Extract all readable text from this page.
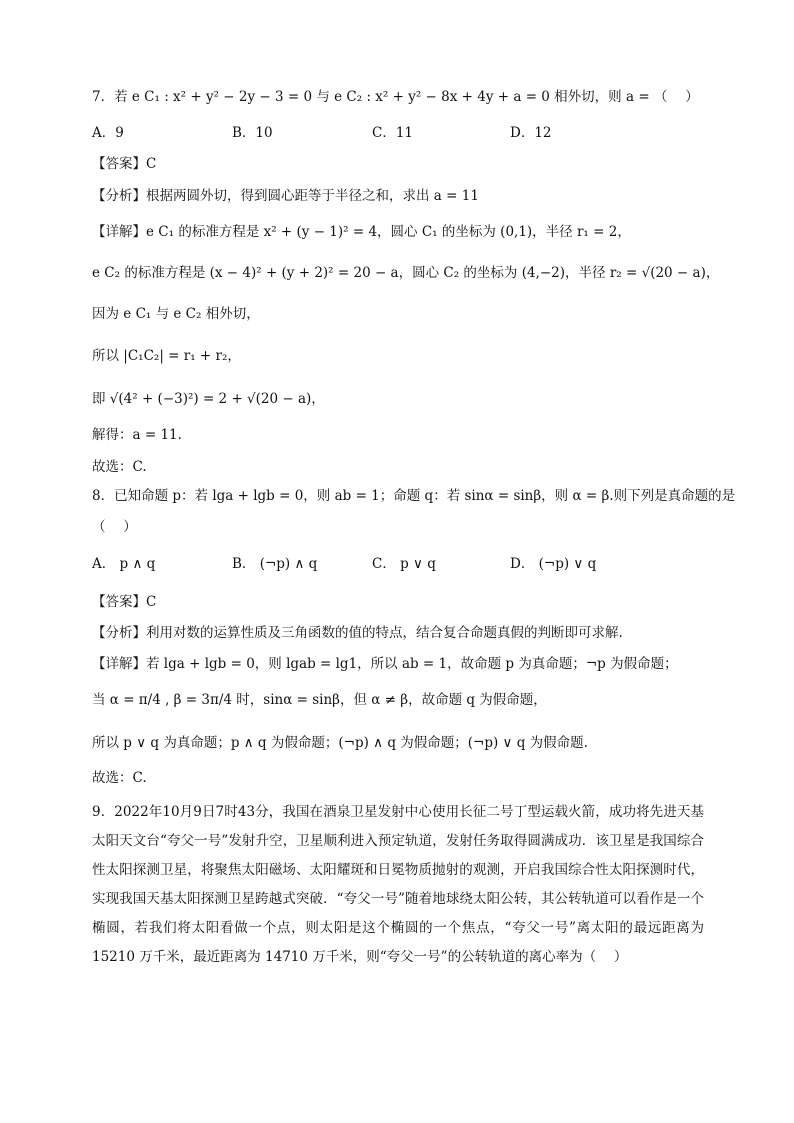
7．若 e C₁ : x² + y² − 2y − 3 = 0 与 e C₂ : x² + y² − 8x + 4y + a = 0 相外切，则 a = （　 ）
A．9	B．10	C．11	D．12
【答案】C
【分析】根据两圆外切，得到圆心距等于半径之和，求出 a = 11
【详解】e C₁ 的标准方程是 x² + (y − 1)² = 4，圆心 C₁ 的坐标为 (0,1)，半径 r₁ = 2，
e C₂ 的标准方程是 (x − 4)² + (y + 2)² = 20 − a，圆心 C₂ 的坐标为 (4,−2)，半径 r₂ = √(20 − a)，
因为 e C₁ 与 e C₂ 相外切，
所以 |C₁C₂| = r₁ + r₂，
即 √(4² + (−3)²) = 2 + √(20 − a)，
解得：a = 11.
故选：C.
8．已知命题 p：若 lga + lgb = 0，则 ab = 1；命题 q：若 sinα = sinβ，则 α = β.则下列是真命题的是
（　 ）
A． p ∧ q	B． (¬p) ∧ q	C． p ∨ q	D． (¬p) ∨ q
【答案】C
【分析】利用对数的运算性质及三角函数的值的特点，结合复合命题真假的判断即可求解.
【详解】若 lga + lgb = 0，则 lgab = lg1，所以 ab = 1，故命题 p 为真命题；¬p 为假命题；
当 α = π/4 , β = 3π/4 时，sinα = sinβ，但 α ≠ β，故命题 q 为假命题，
所以 p ∨ q 为真命题；p ∧ q 为假命题；(¬p) ∧ q 为假命题；(¬p) ∨ q 为假命题.
故选：C.
9．2022年10月9日7时43分，我国在酒泉卫星发射中心使用长征二号丁型运载火箭，成功将先进天基太阳天文台“夸父一号”发射升空，卫星顺利进入预定轨道，发射任务取得圆满成功．该卫星是我国综合性太阳探测卫星，将聚焦太阳磁场、太阳耀斑和日冕物质抛射的观测，开启我国综合性太阳探测时代，实现我国天基太阳探测卫星跨越式突破．“夸父一号”随着地球绕太阳公转，其公转轨道可以看作是一个椭圆，若我们将太阳看做一个点，则太阳是这个椭圆的一个焦点，“夸父一号”离太阳的最远距离为 15210 万千米，最近距离为 14710 万千米，则“夸父一号”的公转轨道的离心率为（　 ）
